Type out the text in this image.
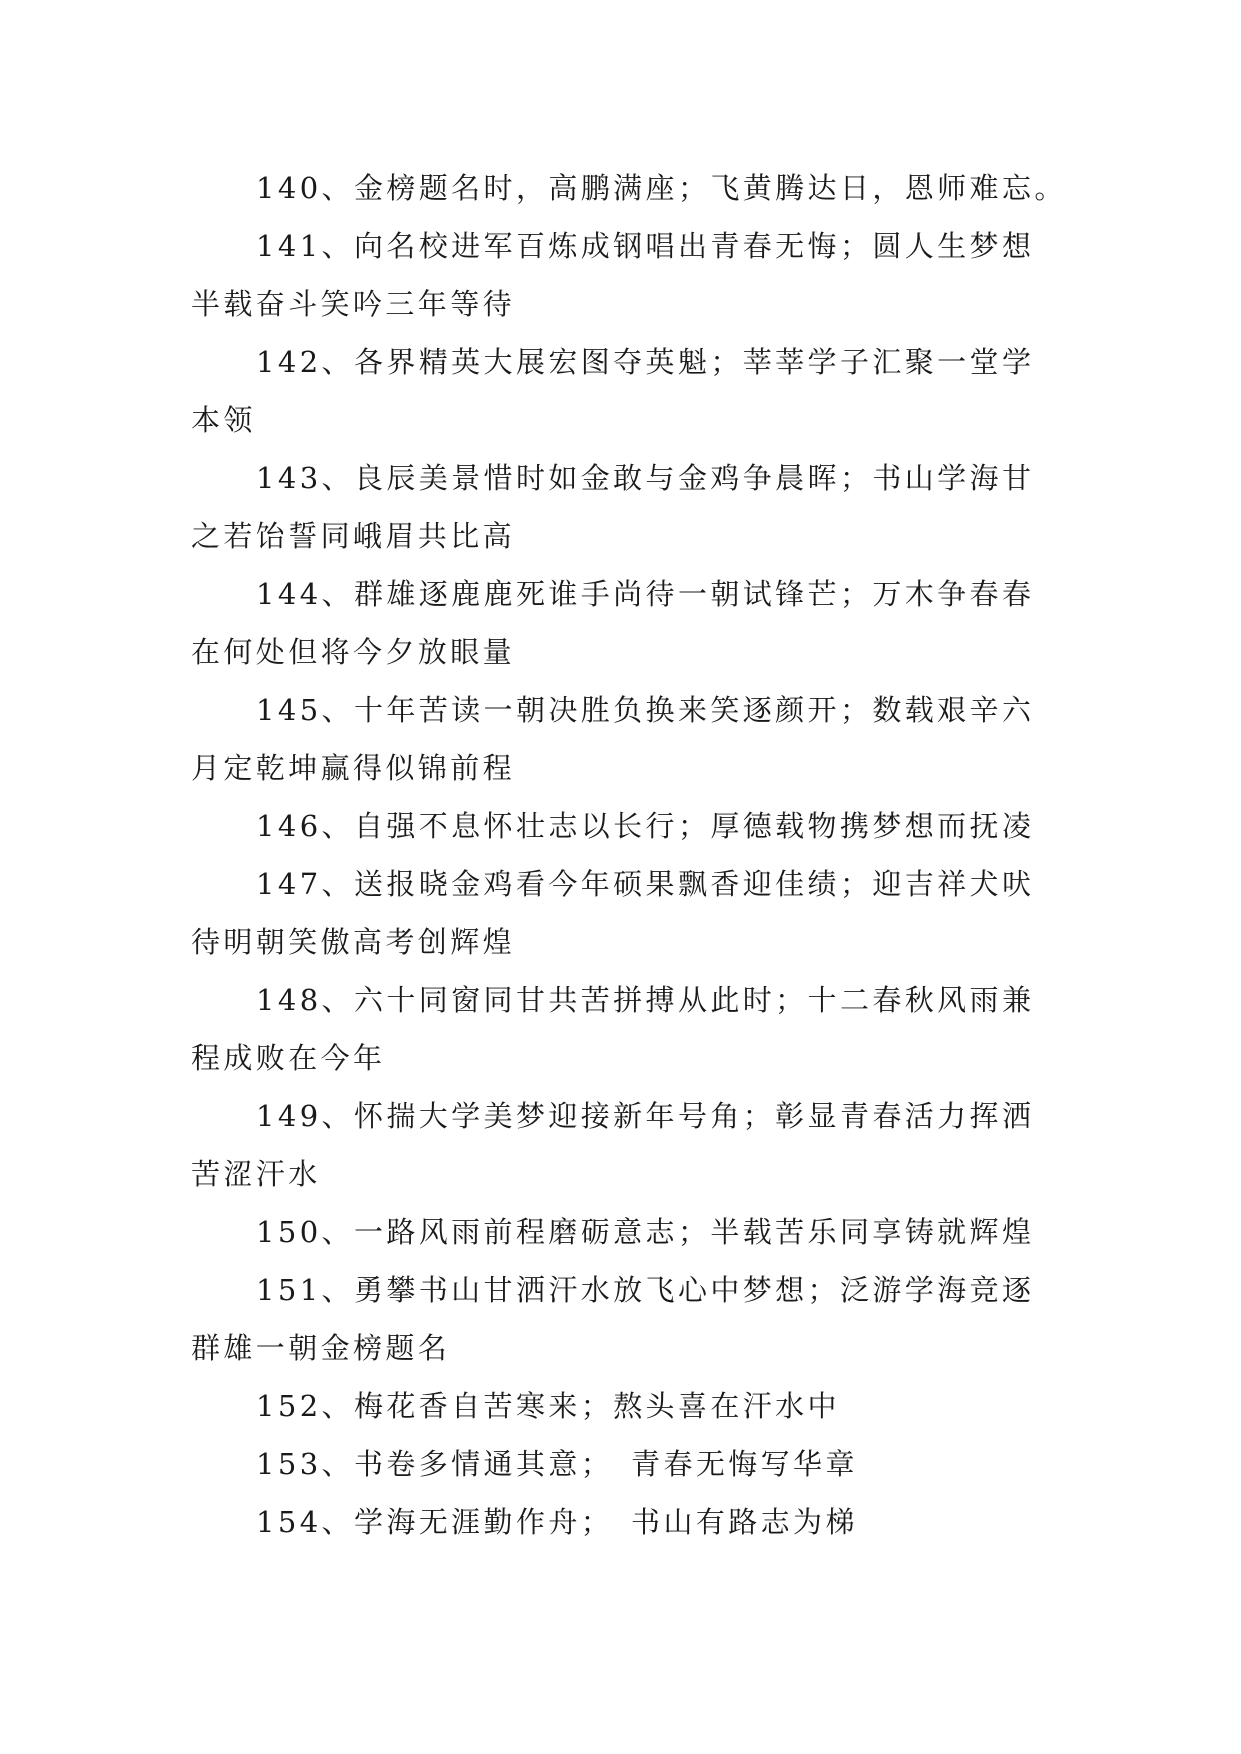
140、金榜题名时，高鹏满座；飞黄腾达日，恩师难忘。
141、向名校进军百炼成钢唱出青春无悔；圆人生梦想
半载奋斗笑吟三年等待
142、各界精英大展宏图夺英魁；莘莘学子汇聚一堂学
本领
143、良辰美景惜时如金敢与金鸡争晨晖；书山学海甘
之若饴誓同峨眉共比高
144、群雄逐鹿鹿死谁手尚待一朝试锋芒；万木争春春
在何处但将今夕放眼量
145、十年苦读一朝决胜负换来笑逐颜开；数载艰辛六
月定乾坤赢得似锦前程
146、自强不息怀壮志以长行；厚德载物携梦想而抚凌
147、送报晓金鸡看今年硕果飘香迎佳绩；迎吉祥犬吠
待明朝笑傲高考创辉煌
148、六十同窗同甘共苦拼搏从此时；十二春秋风雨兼
程成败在今年
149、怀揣大学美梦迎接新年号角；彰显青春活力挥洒
苦涩汗水
150、一路风雨前程磨砺意志；半载苦乐同享铸就辉煌
151、勇攀书山甘洒汗水放飞心中梦想；泛游学海竞逐
群雄一朝金榜题名
152、梅花香自苦寒来；熬头喜在汗水中
153、书卷多情通其意；　青春无悔写华章
154、学海无涯勤作舟；　书山有路志为梯
